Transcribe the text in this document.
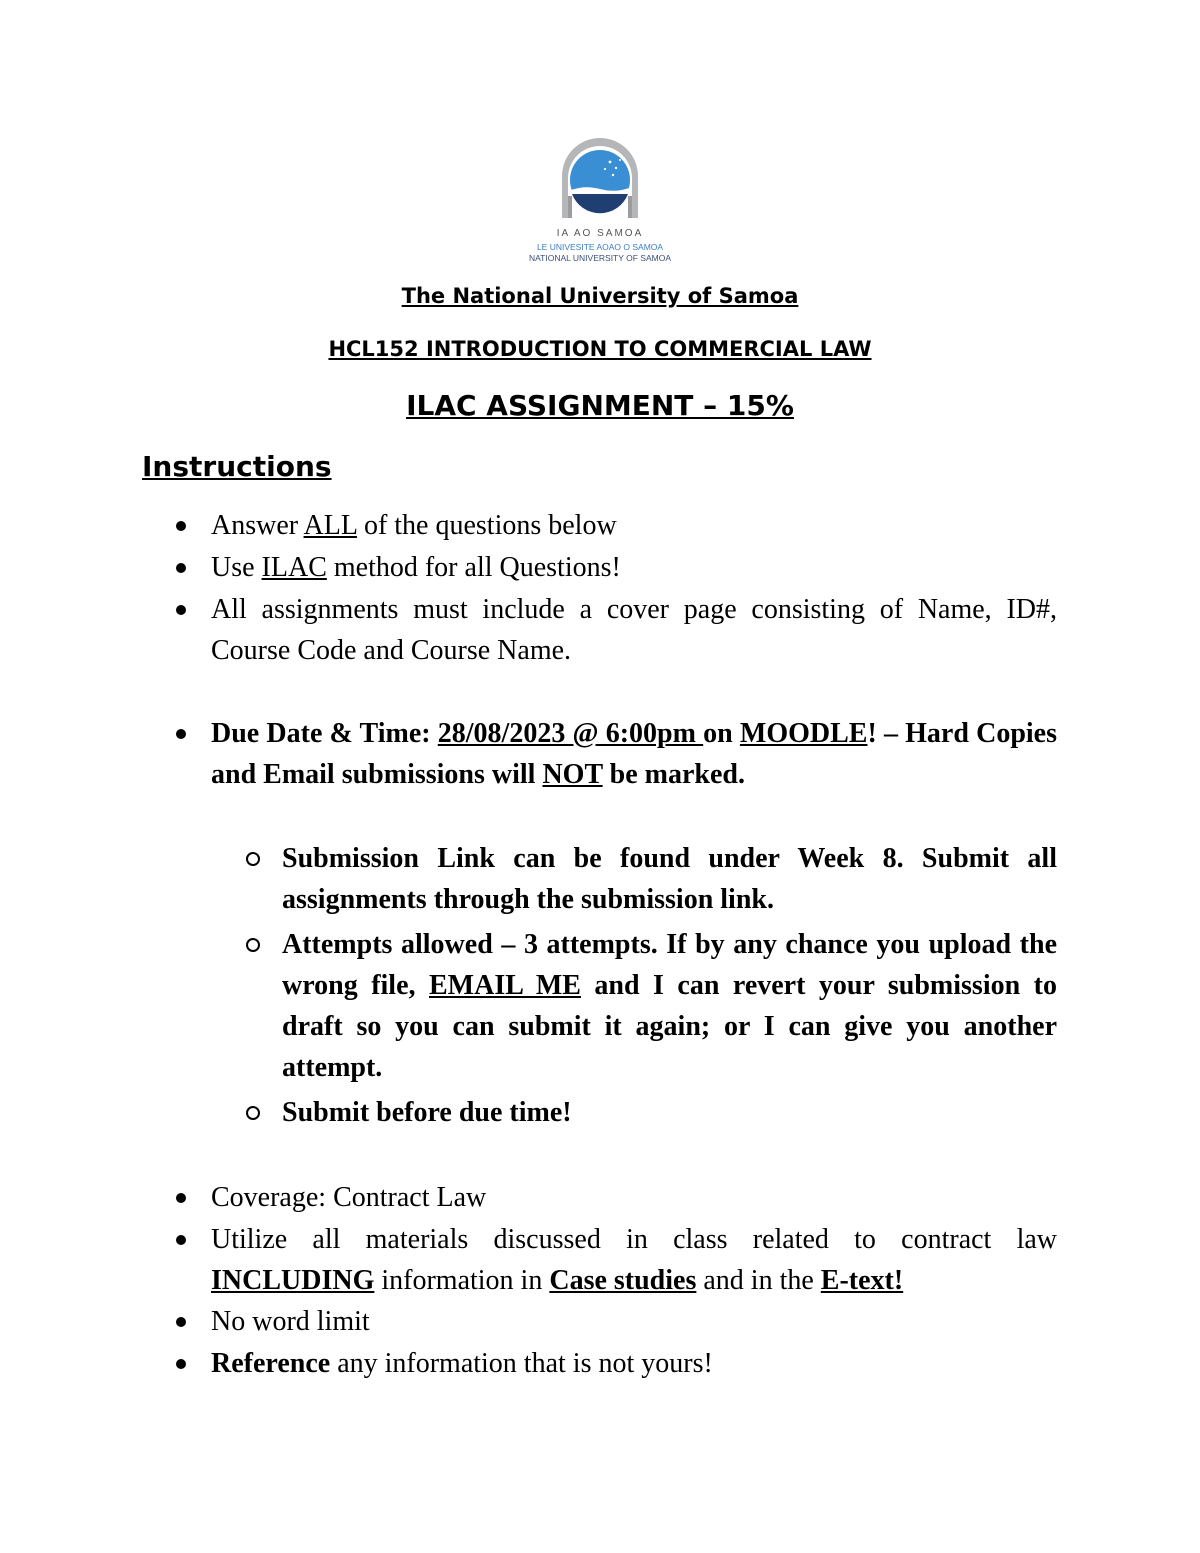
IA AO SAMOA
LE UNIVESITE AOAO O SAMOA
NATIONAL UNIVERSITY OF SAMOA
The National University of Samoa
HCL152 INTRODUCTION TO COMMERCIAL LAW
ILAC ASSIGNMENT – 15%
Instructions
Answer ALL of the questions below
Use ILAC method for all Questions!
All assignments must include a cover page consisting of Name, ID#, Course Code and Course Name.
Due Date & Time: 28/08/2023 @ 6:00pm on MOODLE! – Hard Copies and Email submissions will NOT be marked.
Submission Link can be found under Week 8. Submit all assignments through the submission link.
Attempts allowed – 3 attempts. If by any chance you upload the wrong file, EMAIL ME and I can revert your submission to draft so you can submit it again; or I can give you another attempt.
Submit before due time!
Coverage: Contract Law
Utilize all materials discussed in class related to contract law INCLUDING information in Case studies and in the E-text!
No word limit
Reference any information that is not yours!
